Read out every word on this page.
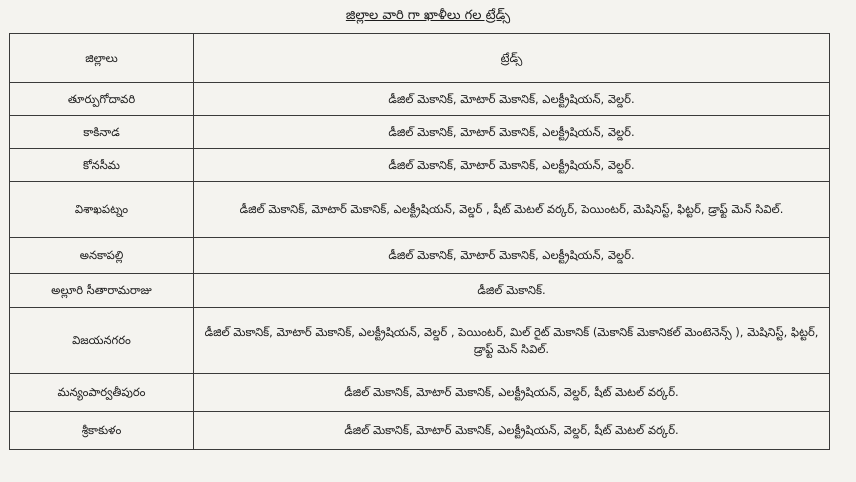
జిల్లాల వారి గా ఖాళీలు గల ట్రేడ్స్
జిల్లాలు	ట్రేడ్స్
తూర్పుగోదావరి	డీజిల్ మెకానిక్, మోటార్ మెకానిక్, ఎలక్ట్రీషియన్, వెల్డర్.
కాకినాడ	డీజిల్ మెకానిక్, మోటార్ మెకానిక్, ఎలక్ట్రీషియన్, వెల్డర్.
కోనసీమ	డీజిల్ మెకానిక్, మోటార్ మెకానిక్, ఎలక్ట్రీషియన్, వెల్డర్.
విశాఖపట్నం	డీజిల్ మెకానిక్, మోటార్ మెకానిక్, ఎలక్ట్రీషియన్, వెల్డర్ , షీట్ మెటల్ వర్కర్, పెయింటర్, మెషినిస్ట్, ఫిట్టర్, డ్రాఫ్ట్ మెన్ సివిల్.
అనకాపల్లి	డీజిల్ మెకానిక్, మోటార్ మెకానిక్, ఎలక్ట్రీషియన్, వెల్డర్.
అల్లూరి సీతారామరాజు	డీజిల్ మెకానిక్.
విజయనగరం	డీజిల్ మెకానిక్, మోటార్ మెకానిక్, ఎలక్ట్రీషియన్, వెల్డర్ , పెయింటర్, మిల్ రైట్ మెకానిక్ (మెకానిక్ మెకానికల్ మెంటెనెన్స్ ), మెషినిస్ట్, ఫిట్టర్, డ్రాఫ్ట్ మెన్ సివిల్.
మన్యంపార్వతీపురం	డీజిల్ మెకానిక్, మోటార్ మెకానిక్, ఎలక్ట్రీషియన్, వెల్డర్, షీట్ మెటల్ వర్కర్.
శ్రీకాకుళం	డీజిల్ మెకానిక్, మోటార్ మెకానిక్, ఎలక్ట్రీషియన్, వెల్డర్, షీట్ మెటల్ వర్కర్.
